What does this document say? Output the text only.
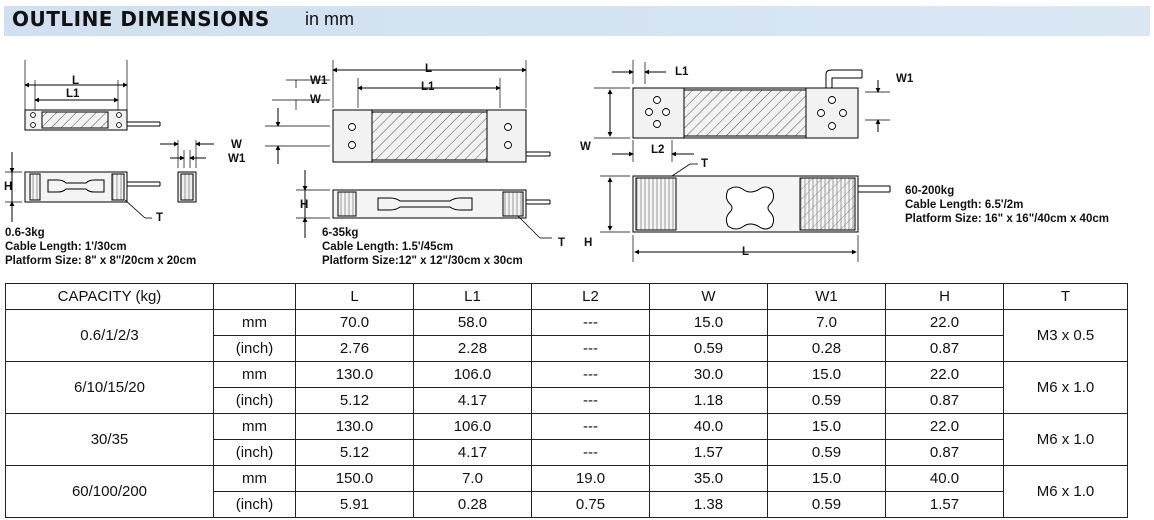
OUTLINE DIMENSIONS in mm
L
L1
W
W1
H
T
L
L1
W1
W
H
T
L1
W1
W	L2
T
H
L
0.6-3kg
Cable Length: 1'/30cm
Platform Size: 8" x 8"/20cm x 20cm
6-35kg
Cable Length: 1.5'/45cm
Platform Size:12" x 12"/30cm x 30cm
60-200kg
Cable Length: 6.5'/2m
Platform Size: 16" x 16"/40cm x 40cm
CAPACITY (kg)		L	L1	L2	W	W1	H	T
0.6/1/2/3	mm	70.0	58.0	---	15.0	7.0	22.0	M3 x 0.5
	(inch)	2.76	2.28	---	0.59	0.28	0.87	
6/10/15/20	mm	130.0	106.0	---	30.0	15.0	22.0	M6 x 1.0
	(inch)	5.12	4.17	---	1.18	0.59	0.87	
30/35	mm	130.0	106.0	---	40.0	15.0	22.0	M6 x 1.0
	(inch)	5.12	4.17	---	1.57	0.59	0.87	
60/100/200	mm	150.0	7.0	19.0	35.0	15.0	40.0	M6 x 1.0
	(inch)	5.91	0.28	0.75	1.38	0.59	1.57	
